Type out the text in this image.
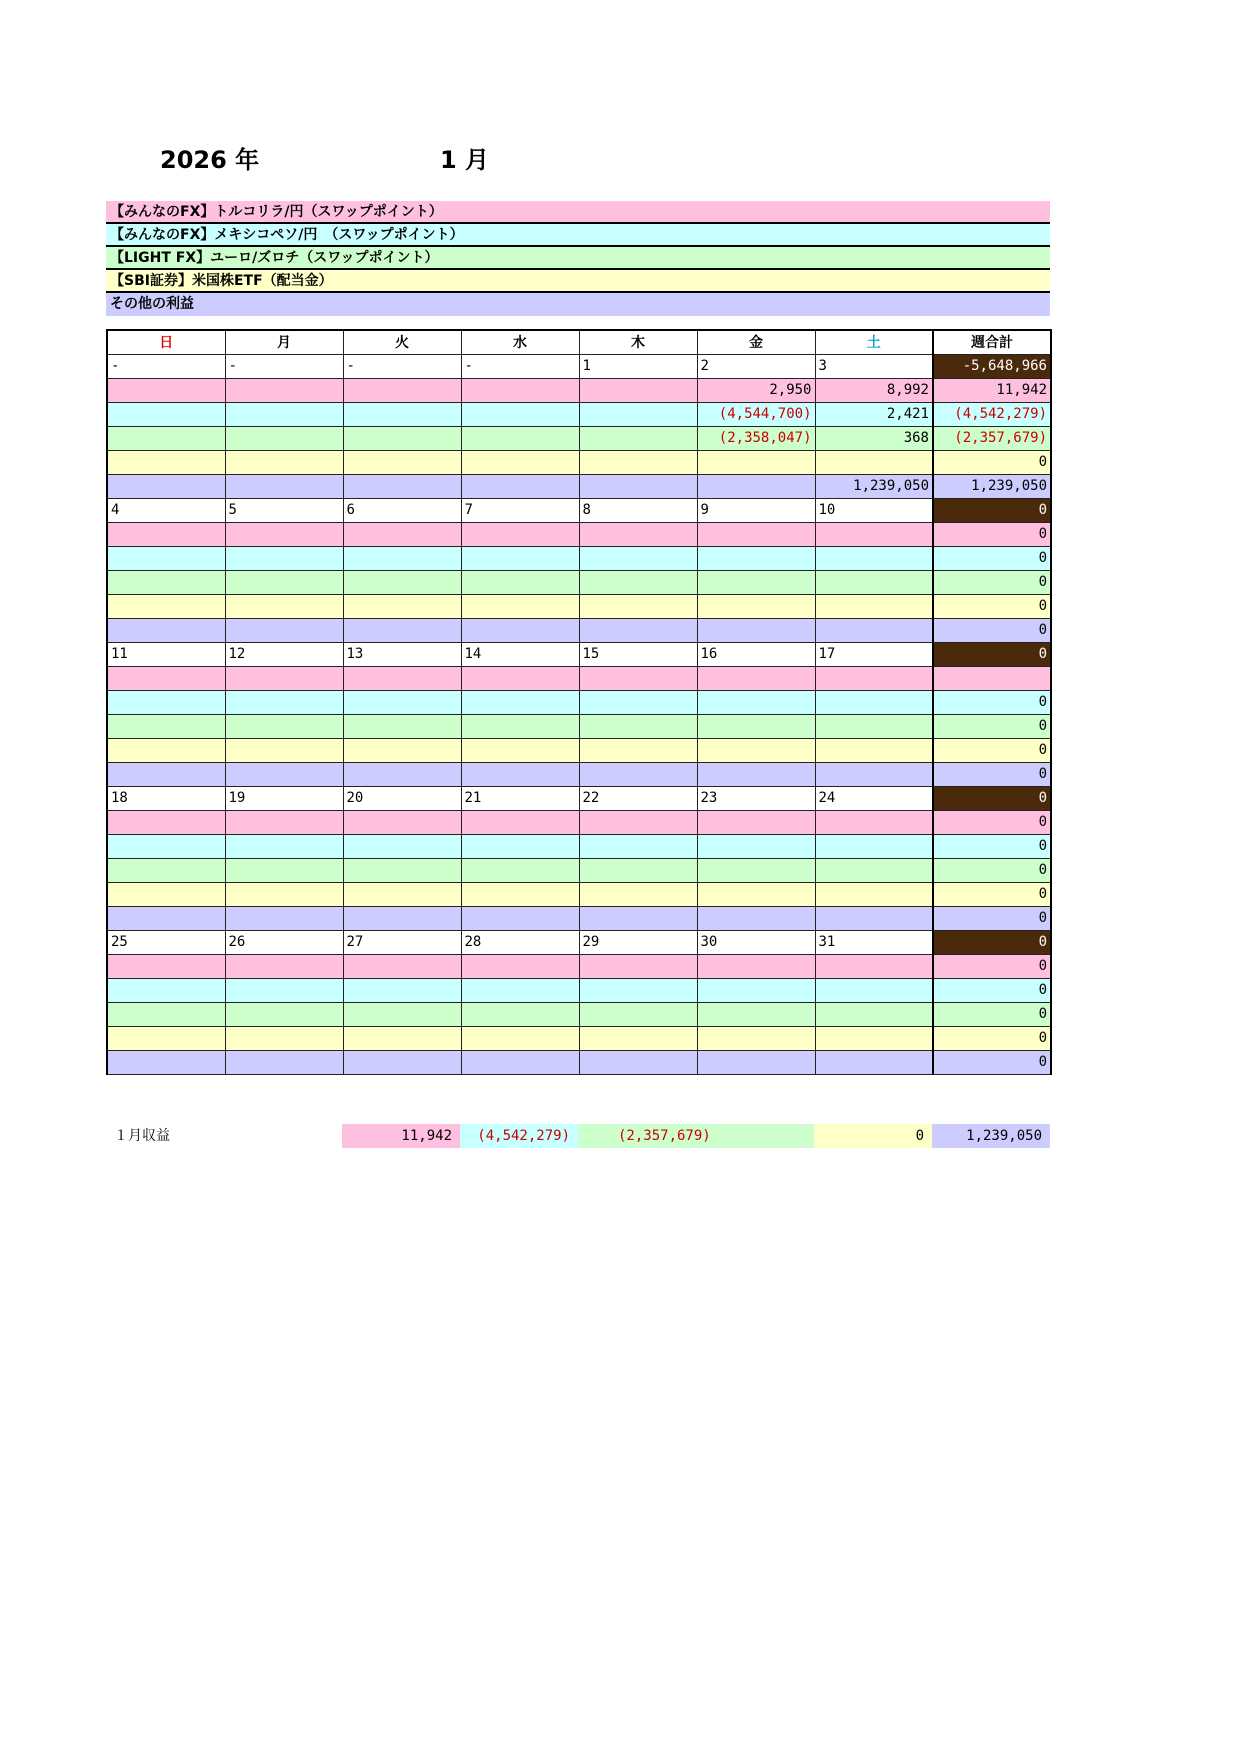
2026 年	1 月
【みんなのFX】トルコリラ/円（スワップポイント）
【みんなのFX】メキシコペソ/円　（スワップポイント）
【LIGHT FX】ユーロ/ズロチ（スワップポイント）
【SBI証券】米国株ETF（配当金）
その他の利益
日	月	火	水	木	金	土	週合計
-	-	-	-	1	2	3	-5,648,966
					2,950	8,992	11,942
					(4,544,700)	2,421	(4,542,279)
					(2,358,047)	368	(2,357,679)
							0
						1,239,050	1,239,050
4	5	6	7	8	9	10	0
							0
							0
							0
							0
							0
11	12	13	14	15	16	17	0

							0
							0
							0
							0
18	19	20	21	22	23	24	0
							0
							0
							0
							0
							0
25	26	27	28	29	30	31	0
							0
							0
							0
							0
							0
１月収益	11,942	(4,542,279)	(2,357,679)	0	1,239,050
